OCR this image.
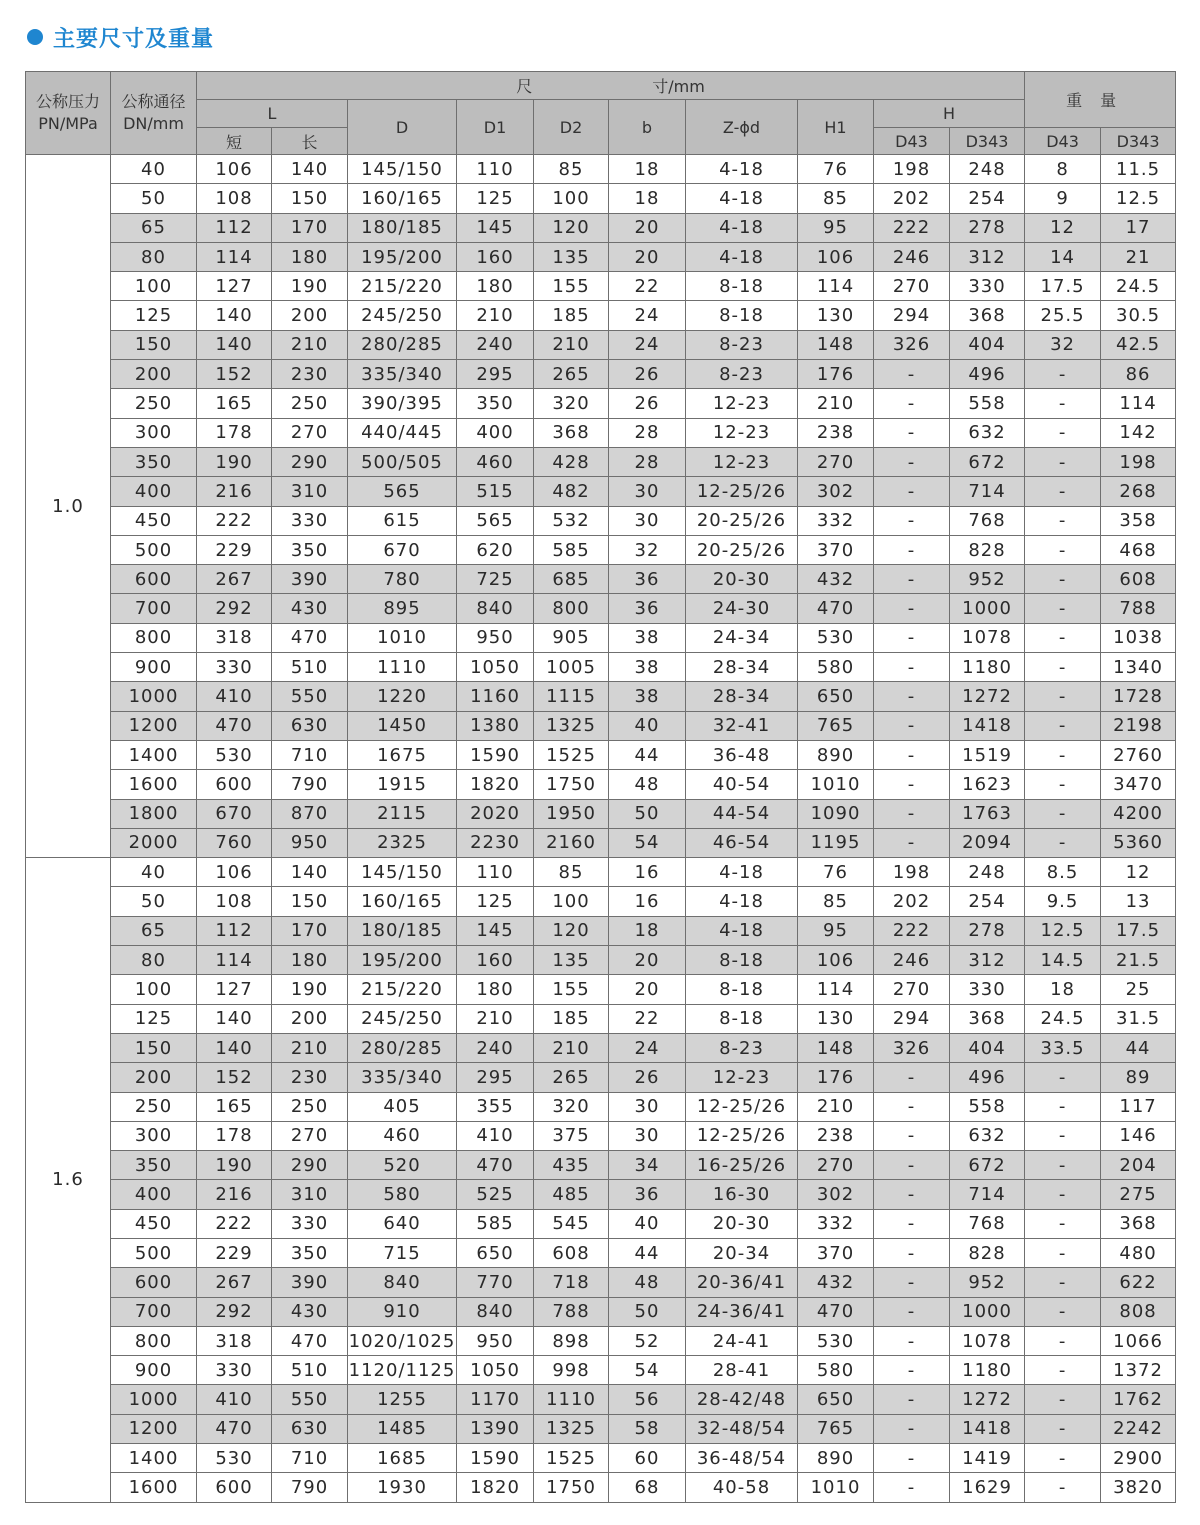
主要尺寸及重量
公称压力PN/MPa	公称通径DN/mm	尺 寸/mm										重量	
		L		D	D1	D2	b	Z-ϕd	H1	H			
		短	长							D43	D343	D43	D343
1.0	40	106	140	145/150	110	85	18	4-18	76	198	248	8	11.5
	50	108	150	160/165	125	100	18	4-18	85	202	254	9	12.5
	65	112	170	180/185	145	120	20	4-18	95	222	278	12	17
	80	114	180	195/200	160	135	20	4-18	106	246	312	14	21
	100	127	190	215/220	180	155	22	8-18	114	270	330	17.5	24.5
	125	140	200	245/250	210	185	24	8-18	130	294	368	25.5	30.5
	150	140	210	280/285	240	210	24	8-23	148	326	404	32	42.5
	200	152	230	335/340	295	265	26	8-23	176	-	496	-	86
	250	165	250	390/395	350	320	26	12-23	210	-	558	-	114
	300	178	270	440/445	400	368	28	12-23	238	-	632	-	142
	350	190	290	500/505	460	428	28	12-23	270	-	672	-	198
	400	216	310	565	515	482	30	12-25/26	302	-	714	-	268
	450	222	330	615	565	532	30	20-25/26	332	-	768	-	358
	500	229	350	670	620	585	32	20-25/26	370	-	828	-	468
	600	267	390	780	725	685	36	20-30	432	-	952	-	608
	700	292	430	895	840	800	36	24-30	470	-	1000	-	788
	800	318	470	1010	950	905	38	24-34	530	-	1078	-	1038
	900	330	510	1110	1050	1005	38	28-34	580	-	1180	-	1340
	1000	410	550	1220	1160	1115	38	28-34	650	-	1272	-	1728
	1200	470	630	1450	1380	1325	40	32-41	765	-	1418	-	2198
	1400	530	710	1675	1590	1525	44	36-48	890	-	1519	-	2760
	1600	600	790	1915	1820	1750	48	40-54	1010	-	1623	-	3470
	1800	670	870	2115	2020	1950	50	44-54	1090	-	1763	-	4200
	2000	760	950	2325	2230	2160	54	46-54	1195	-	2094	-	5360
1.6	40	106	140	145/150	110	85	16	4-18	76	198	248	8.5	12
	50	108	150	160/165	125	100	16	4-18	85	202	254	9.5	13
	65	112	170	180/185	145	120	18	4-18	95	222	278	12.5	17.5
	80	114	180	195/200	160	135	20	8-18	106	246	312	14.5	21.5
	100	127	190	215/220	180	155	20	8-18	114	270	330	18	25
	125	140	200	245/250	210	185	22	8-18	130	294	368	24.5	31.5
	150	140	210	280/285	240	210	24	8-23	148	326	404	33.5	44
	200	152	230	335/340	295	265	26	12-23	176	-	496	-	89
	250	165	250	405	355	320	30	12-25/26	210	-	558	-	117
	300	178	270	460	410	375	30	12-25/26	238	-	632	-	146
	350	190	290	520	470	435	34	16-25/26	270	-	672	-	204
	400	216	310	580	525	485	36	16-30	302	-	714	-	275
	450	222	330	640	585	545	40	20-30	332	-	768	-	368
	500	229	350	715	650	608	44	20-34	370	-	828	-	480
	600	267	390	840	770	718	48	20-36/41	432	-	952	-	622
	700	292	430	910	840	788	50	24-36/41	470	-	1000	-	808
	800	318	470	1020/1025	950	898	52	24-41	530	-	1078	-	1066
	900	330	510	1120/1125	1050	998	54	28-41	580	-	1180	-	1372
	1000	410	550	1255	1170	1110	56	28-42/48	650	-	1272	-	1762
	1200	470	630	1485	1390	1325	58	32-48/54	765	-	1418	-	2242
	1400	530	710	1685	1590	1525	60	36-48/54	890	-	1419	-	2900
	1600	600	790	1930	1820	1750	68	40-58	1010	-	1629	-	3820
